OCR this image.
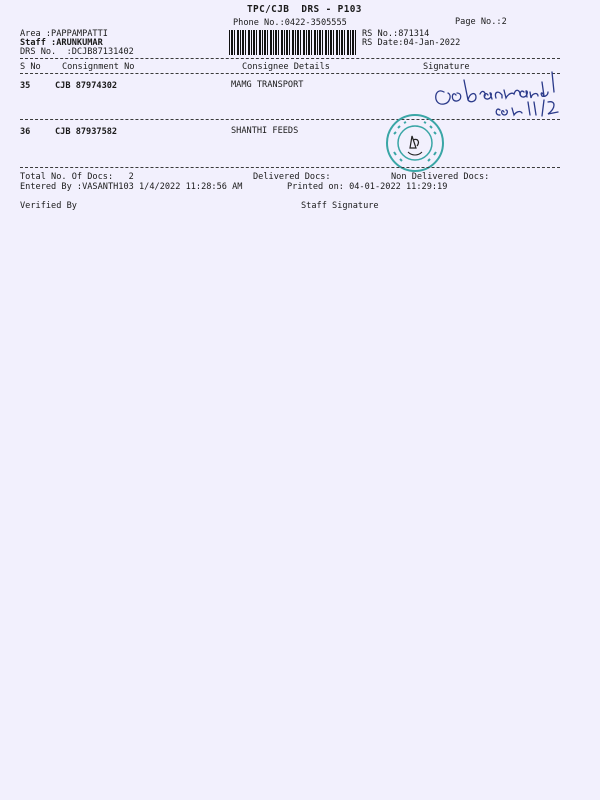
TPC/CJB  DRS - P103
Phone No.:0422-3505555	Page No.:2
Area :PAPPAMPATTI
Staff :ARUNKUMAR
DRS No.  :DCJB87131402
RS No.:871314
RS Date:04-Jan-2022
S No Consignment No	Consignee Details	Signature
35	CJB 87974302	MAMG TRANSPORT
36	CJB 87937582	SHANTHI FEEDS
Total No. Of Docs:   2	Delivered Docs:	Non Delivered Docs:
Entered By :VASANTH103 1/4/2022 11:28:56 AM	Printed on: 04-01-2022 11:29:19
Verified By	Staff Signature
